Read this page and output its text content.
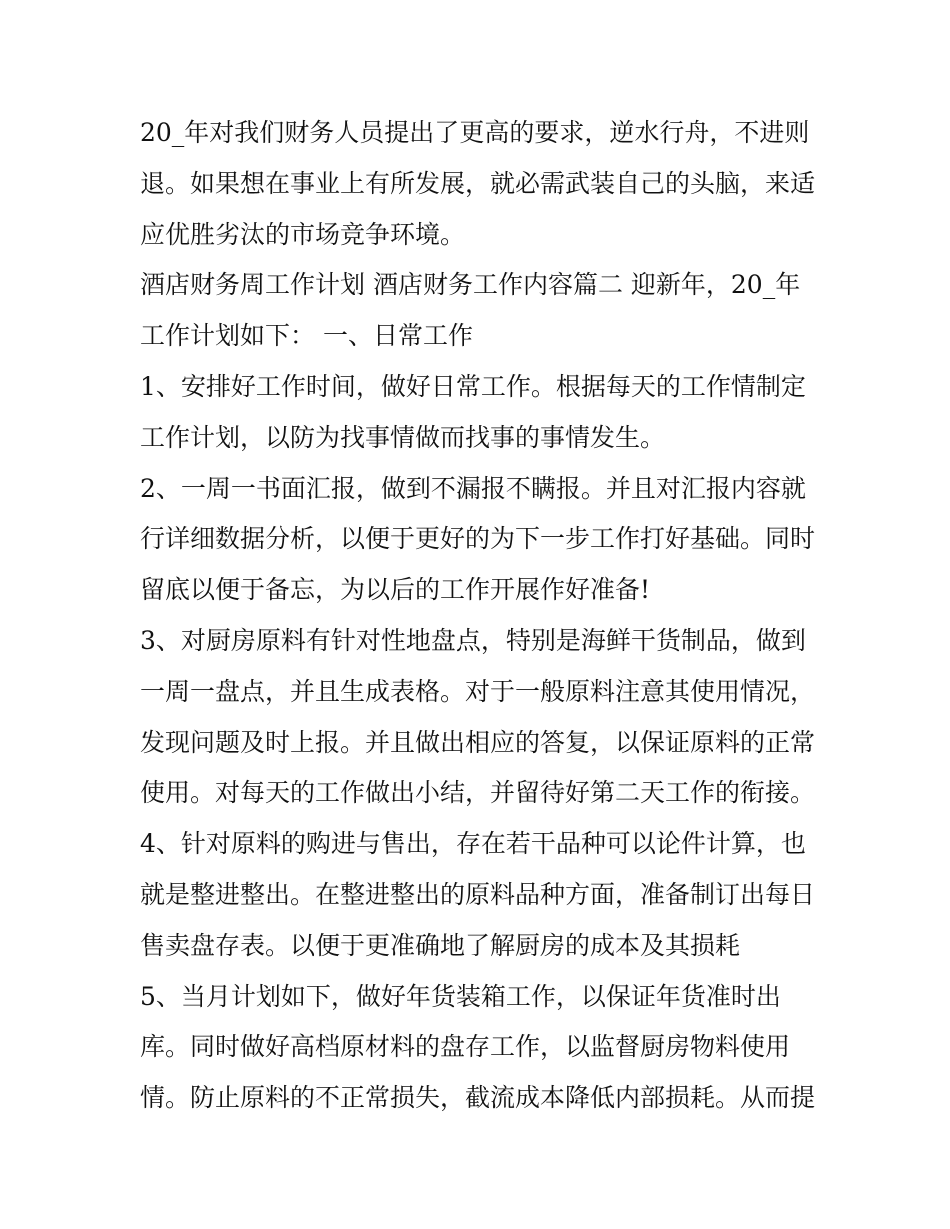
20_年对我们财务人员提出了更高的要求，逆水行舟，不进则
退。如果想在事业上有所发展，就必需武装自己的头脑，来适
应优胜劣汰的市场竞争环境。
酒店财务周工作计划 酒店财务工作内容篇二 迎新年，20_年
工作计划如下： 一、日常工作
1、安排好工作时间，做好日常工作。根据每天的工作情制定
工作计划，以防为找事情做而找事的事情发生。
2、一周一书面汇报，做到不漏报不瞒报。并且对汇报内容就
行详细数据分析，以便于更好的为下一步工作打好基础。同时
留底以便于备忘，为以后的工作开展作好准备!
3、对厨房原料有针对性地盘点，特别是海鲜干货制品，做到
一周一盘点，并且生成表格。对于一般原料注意其使用情况，
发现问题及时上报。并且做出相应的答复，以保证原料的正常
使用。对每天的工作做出小结，并留待好第二天工作的衔接。
4、针对原料的购进与售出，存在若干品种可以论件计算，也
就是整进整出。在整进整出的原料品种方面，准备制订出每日
售卖盘存表。以便于更准确地了解厨房的成本及其损耗
5、当月计划如下，做好年货装箱工作，以保证年货准时出
库。同时做好高档原材料的盘存工作，以监督厨房物料使用
情。防止原料的不正常损失，截流成本降低内部损耗。从而提
